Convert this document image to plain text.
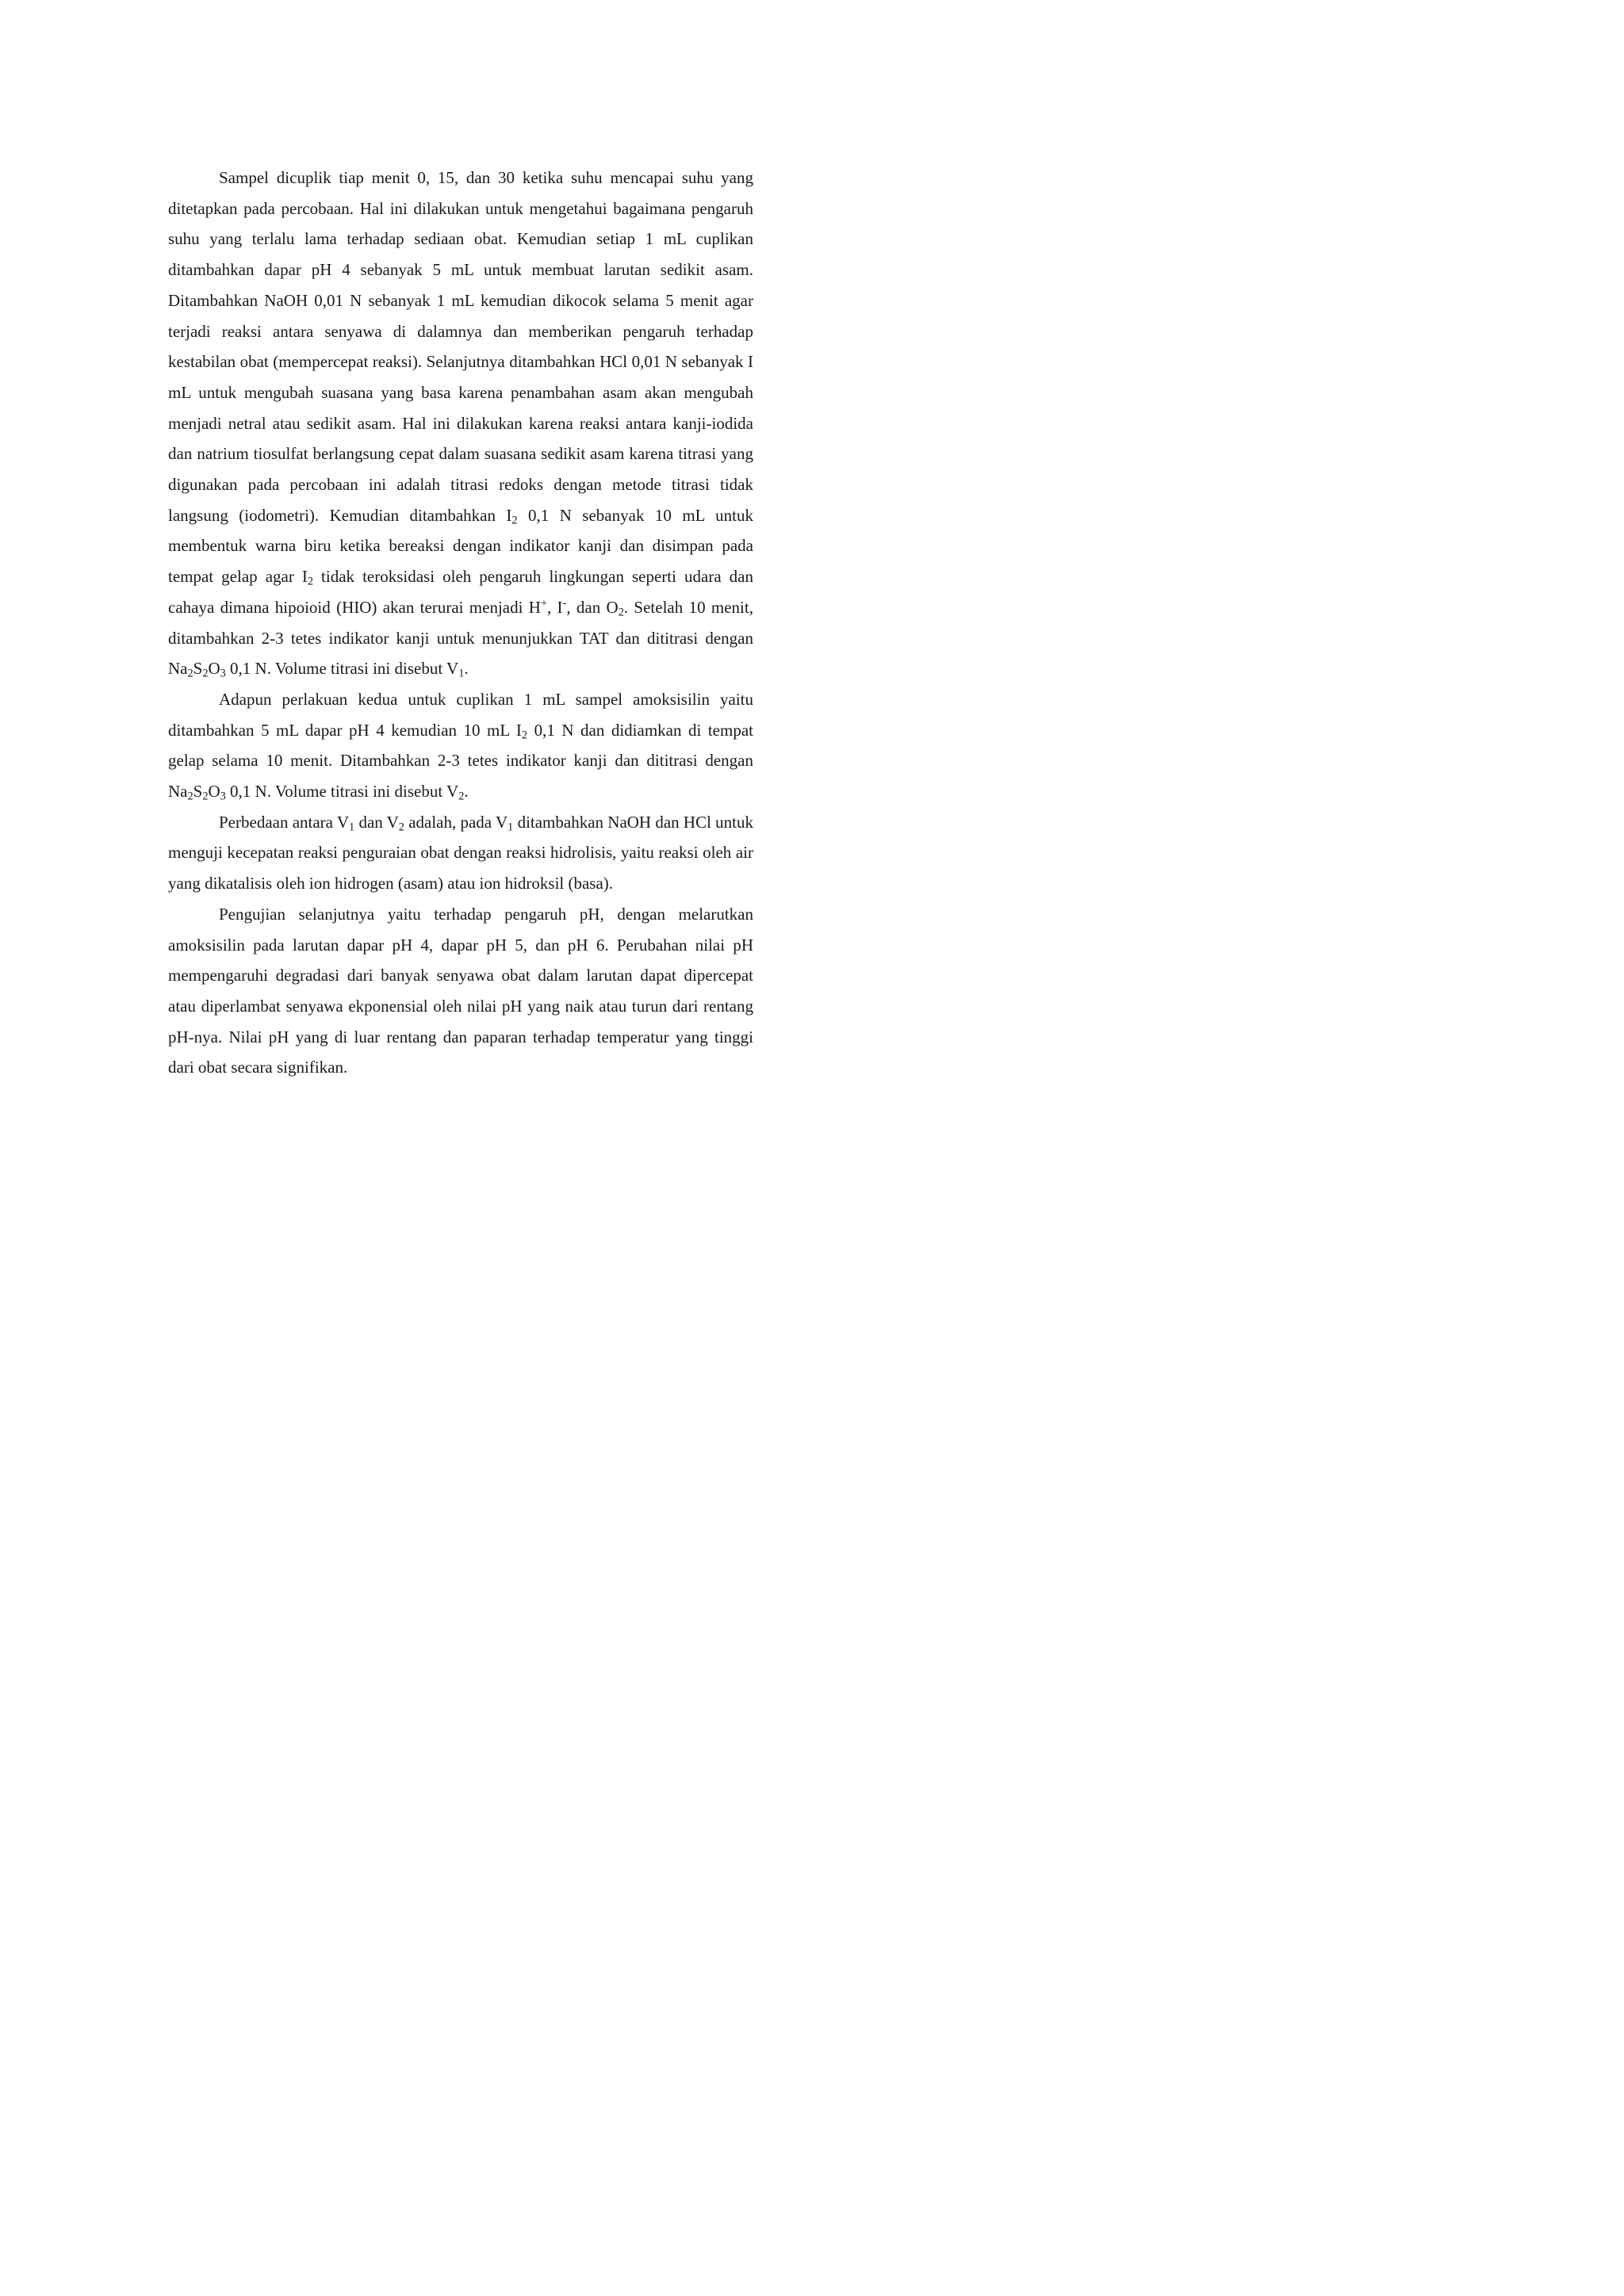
Sampel dicuplik tiap menit 0, 15, dan 30 ketika suhu mencapai suhu yang ditetapkan pada percobaan. Hal ini dilakukan untuk mengetahui bagaimana pengaruh suhu yang terlalu lama terhadap sediaan obat. Kemudian setiap 1 mL cuplikan ditambahkan dapar pH 4 sebanyak 5 mL untuk membuat larutan sedikit asam. Ditambahkan NaOH 0,01 N sebanyak 1 mL kemudian dikocok selama 5 menit agar terjadi reaksi antara senyawa di dalamnya dan memberikan pengaruh terhadap kestabilan obat (mempercepat reaksi). Selanjutnya ditambahkan HCl 0,01 N sebanyak I mL untuk mengubah suasana yang basa karena penambahan asam akan mengubah menjadi netral atau sedikit asam. Hal ini dilakukan karena reaksi antara kanji-iodida dan natrium tiosulfat berlangsung cepat dalam suasana sedikit asam karena titrasi yang digunakan pada percobaan ini adalah titrasi redoks dengan metode titrasi tidak langsung (iodometri). Kemudian ditambahkan $I_2$ 0,1 N sebanyak 10 mL untuk membentuk warna biru ketika bereaksi dengan indikator kanji dan disimpan pada tempat gelap agar $I_2$ tidak teroksidasi oleh pengaruh lingkungan seperti udara dan cahaya dimana hipoioid (HIO) akan terurai menjadi H+, I-, dan $O_2$. Setelah 10 menit, ditambahkan 2-3 tetes indikator kanji untuk menunjukkan TAT dan dititrasi dengan $Na_2S_2O_3$ 0,1 N. Volume titrasi ini disebut $V_1$.

Adapun perlakuan kedua untuk cuplikan 1 mL sampel amoksisilin yaitu ditambahkan 5 mL dapar pH 4 kemudian 10 mL $I_2$ 0,1 N dan didiamkan di tempat gelap selama 10 menit. Ditambahkan 2-3 tetes indikator kanji dan dititrasi dengan $Na_2S_2O_3$ 0,1 N. Volume titrasi ini disebut $V_2$.

Perbedaan antara $V_1$ dan $V_2$ adalah, pada $V_1$ ditambahkan NaOH dan HCl untuk menguji kecepatan reaksi penguraian obat dengan reaksi hidrolisis, yaitu reaksi oleh air yang dikatalisis oleh ion hidrogen (asam) atau ion hidroksil (basa).

Pengujian selanjutnya yaitu terhadap pengaruh pH, dengan melarutkan amoksisilin pada larutan dapar pH 4, dapar pH 5, dan pH 6. Perubahan nilai pH mempengaruhi degradasi dari banyak senyawa obat dalam larutan dapat dipercepat atau diperlambat senyawa ekponensial oleh nilai pH yang naik atau turun dari rentang pH-nya. Nilai pH yang di luar rentang dan paparan terhadap temperatur yang tinggi dari obat secara signifikan.
